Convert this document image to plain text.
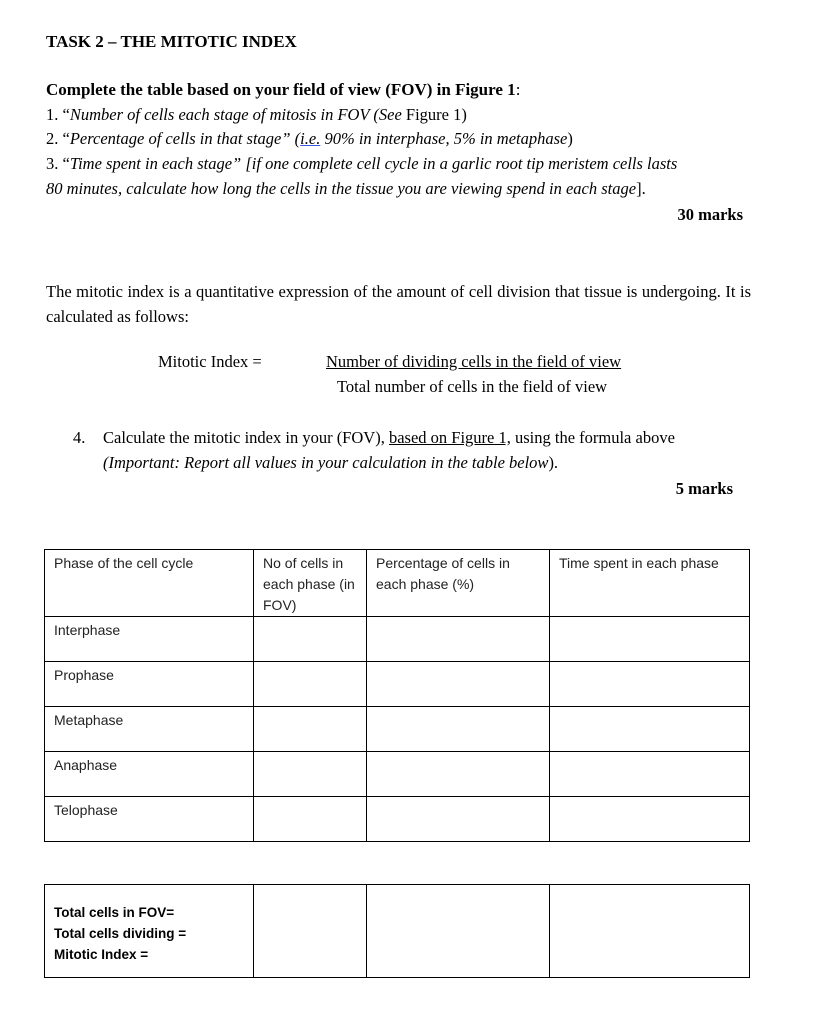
TASK 2 – THE MITOTIC INDEX
Complete the table based on your field of view (FOV) in Figure 1:
1. “Number of cells each stage of mitosis in FOV (See Figure 1)
2. “Percentage of cells in that stage” (i.e. 90% in interphase, 5% in metaphase)
3. “Time spent in each stage” [if one complete cell cycle in a garlic root tip meristem cells lasts
80 minutes, calculate how long the cells in the tissue you are viewing spend in each stage].
30 marks
The mitotic index is a quantitative expression of the amount of cell division that tissue is undergoing. It is calculated as follows:
Mitotic Index =	Number of dividing cells in the field of view
Total number of cells in the field of view
4. Calculate the mitotic index in your (FOV), based on Figure 1, using the formula above
(Important: Report all values in your calculation in the table below).
5 marks
Phase of the cell cycle	No of cells in each phase (in FOV)	Percentage of cells in each phase (%)	Time spent in each phase
Interphase			
Prophase			
Metaphase			
Anaphase			
Telophase			
Total cells in FOV=
Total cells dividing =
Mitotic Index =
